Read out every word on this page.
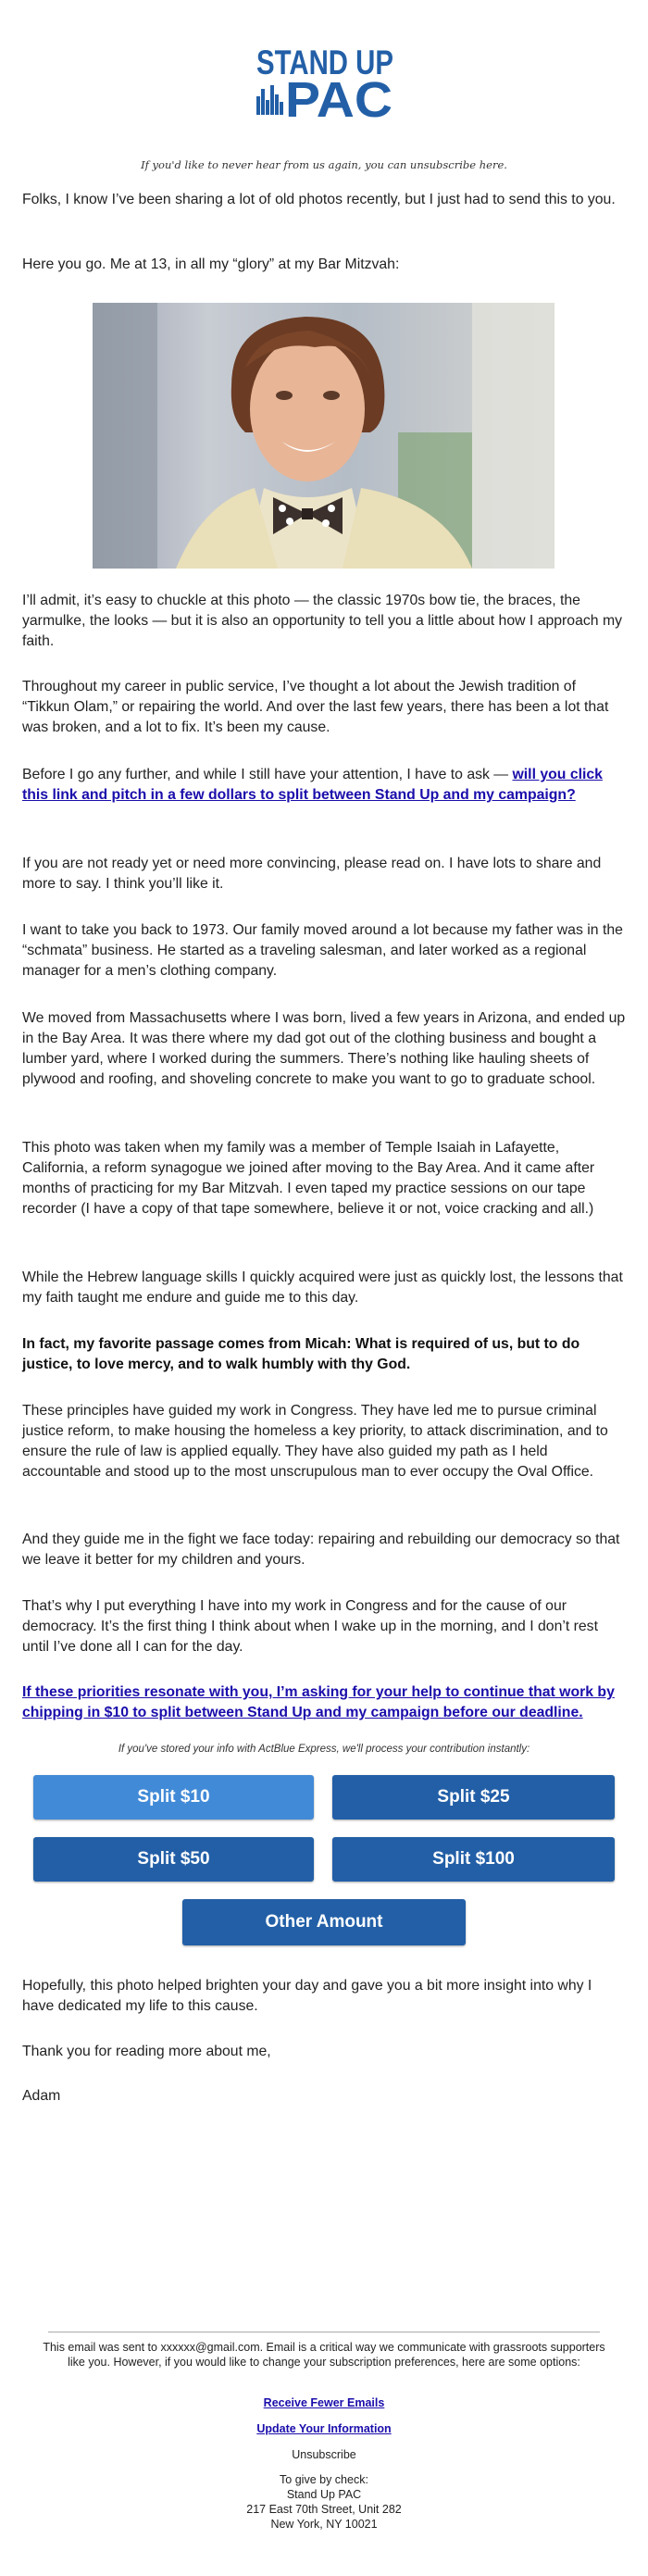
STAND UP
PAC
If you'd like to never hear from us again, you can unsubscribe here.

Folks, I know I’ve been sharing a lot of old photos recently, but I just had to send this to you.

Here you go. Me at 13, in all my “glory” at my Bar Mitzvah:

I’ll admit, it’s easy to chuckle at this photo — the classic 1970s bow tie, the braces, the yarmulke, the looks — but it is also an opportunity to tell you a little about how I approach my faith.

Throughout my career in public service, I’ve thought a lot about the Jewish tradition of “Tikkun Olam,” or repairing the world. And over the last few years, there has been a lot that was broken, and a lot to fix. It’s been my cause.

Before I go any further, and while I still have your attention, I have to ask — will you click this link and pitch in a few dollars to split between Stand Up and my campaign?

If you are not ready yet or need more convincing, please read on. I have lots to share and more to say. I think you’ll like it.

I want to take you back to 1973. Our family moved around a lot because my father was in the “schmata” business. He started as a traveling salesman, and later worked as a regional manager for a men’s clothing company.

We moved from Massachusetts where I was born, lived a few years in Arizona, and ended up in the Bay Area. It was there where my dad got out of the clothing business and bought a lumber yard, where I worked during the summers. There’s nothing like hauling sheets of plywood and roofing, and shoveling concrete to make you want to go to graduate school.

This photo was taken when my family was a member of Temple Isaiah in Lafayette, California, a reform synagogue we joined after moving to the Bay Area. And it came after months of practicing for my Bar Mitzvah. I even taped my practice sessions on our tape recorder (I have a copy of that tape somewhere, believe it or not, voice cracking and all.)

While the Hebrew language skills I quickly acquired were just as quickly lost, the lessons that my faith taught me endure and guide me to this day.

In fact, my favorite passage comes from Micah: What is required of us, but to do justice, to love mercy, and to walk humbly with thy God.

These principles have guided my work in Congress. They have led me to pursue criminal justice reform, to make housing the homeless a key priority, to attack discrimination, and to ensure the rule of law is applied equally. They have also guided my path as I held accountable and stood up to the most unscrupulous man to ever occupy the Oval Office.

And they guide me in the fight we face today: repairing and rebuilding our democracy so that we leave it better for my children and yours.

That’s why I put everything I have into my work in Congress and for the cause of our democracy. It’s the first thing I think about when I wake up in the morning, and I don’t rest until I’ve done all I can for the day.

If these priorities resonate with you, I’m asking for your help to continue that work by chipping in $10 to split between Stand Up and my campaign before our deadline.

If you've stored your info with ActBlue Express, we'll process your contribution instantly:
Split $10	Split $25
Split $50	Split $100
Other Amount

Hopefully, this photo helped brighten your day and gave you a bit more insight into why I have dedicated my life to this cause.

Thank you for reading more about me,

Adam

This email was sent to xxxxxx@gmail.com. Email is a critical way we communicate with grassroots supporters like you. However, if you would like to change your subscription preferences, here are some options:

Receive Fewer Emails

Update Your Information

Unsubscribe

To give by check:

Stand Up PAC

217 East 70th Street, Unit 282

New York, NY 10021
